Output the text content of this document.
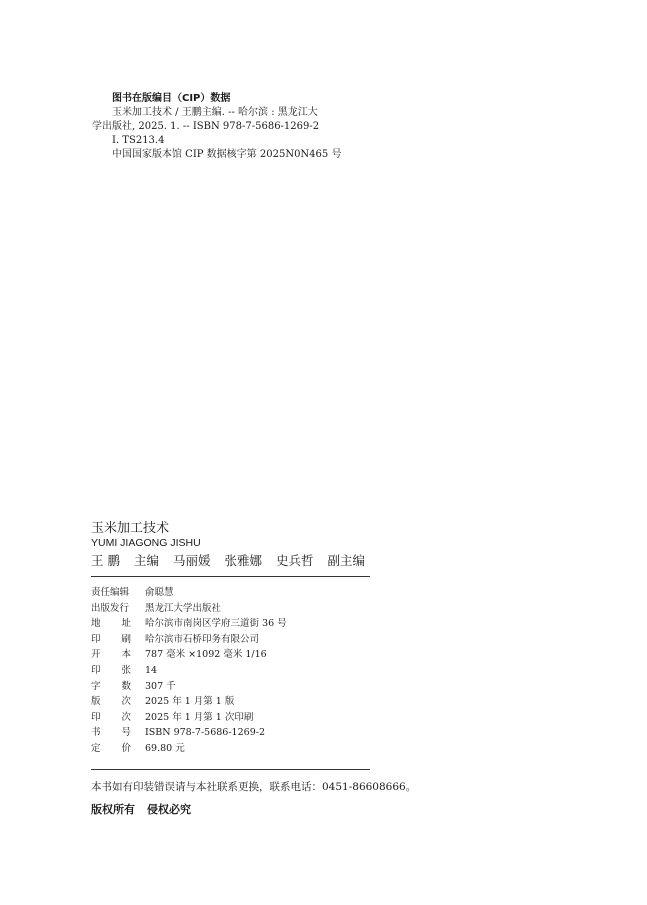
图书在版编目（CIP）数据
玉米加工技术 / 王鹏主编. -- 哈尔滨 : 黑龙江大
学出版社, 2025. 1. -- ISBN 978-7-5686-1269-2
Ⅰ. TS213.4
中国国家版本馆 CIP 数据核字第 2025N0N465 号
玉米加工技术
YUMI JIAGONG JISHU
王 鹏 主编 马丽媛 张雅娜 史兵哲 副主编
责任编辑	俞聪慧
出版发行	黑龙江大学出版社
地 址 哈尔滨市南岗区学府三道街 36 号
印 刷 哈尔滨市石桥印务有限公司
开 本 787 毫米 ×1092 毫米 1/16
印 张 14
字 数 307 千
版 次 2025 年 1 月第 1 版
印 次 2025 年 1 月第 1 次印刷
书 号 ISBN 978-7-5686-1269-2
定 价 69.80 元
本书如有印装错误请与本社联系更换，联系电话：0451-86608666。
版权所有 侵权必究
